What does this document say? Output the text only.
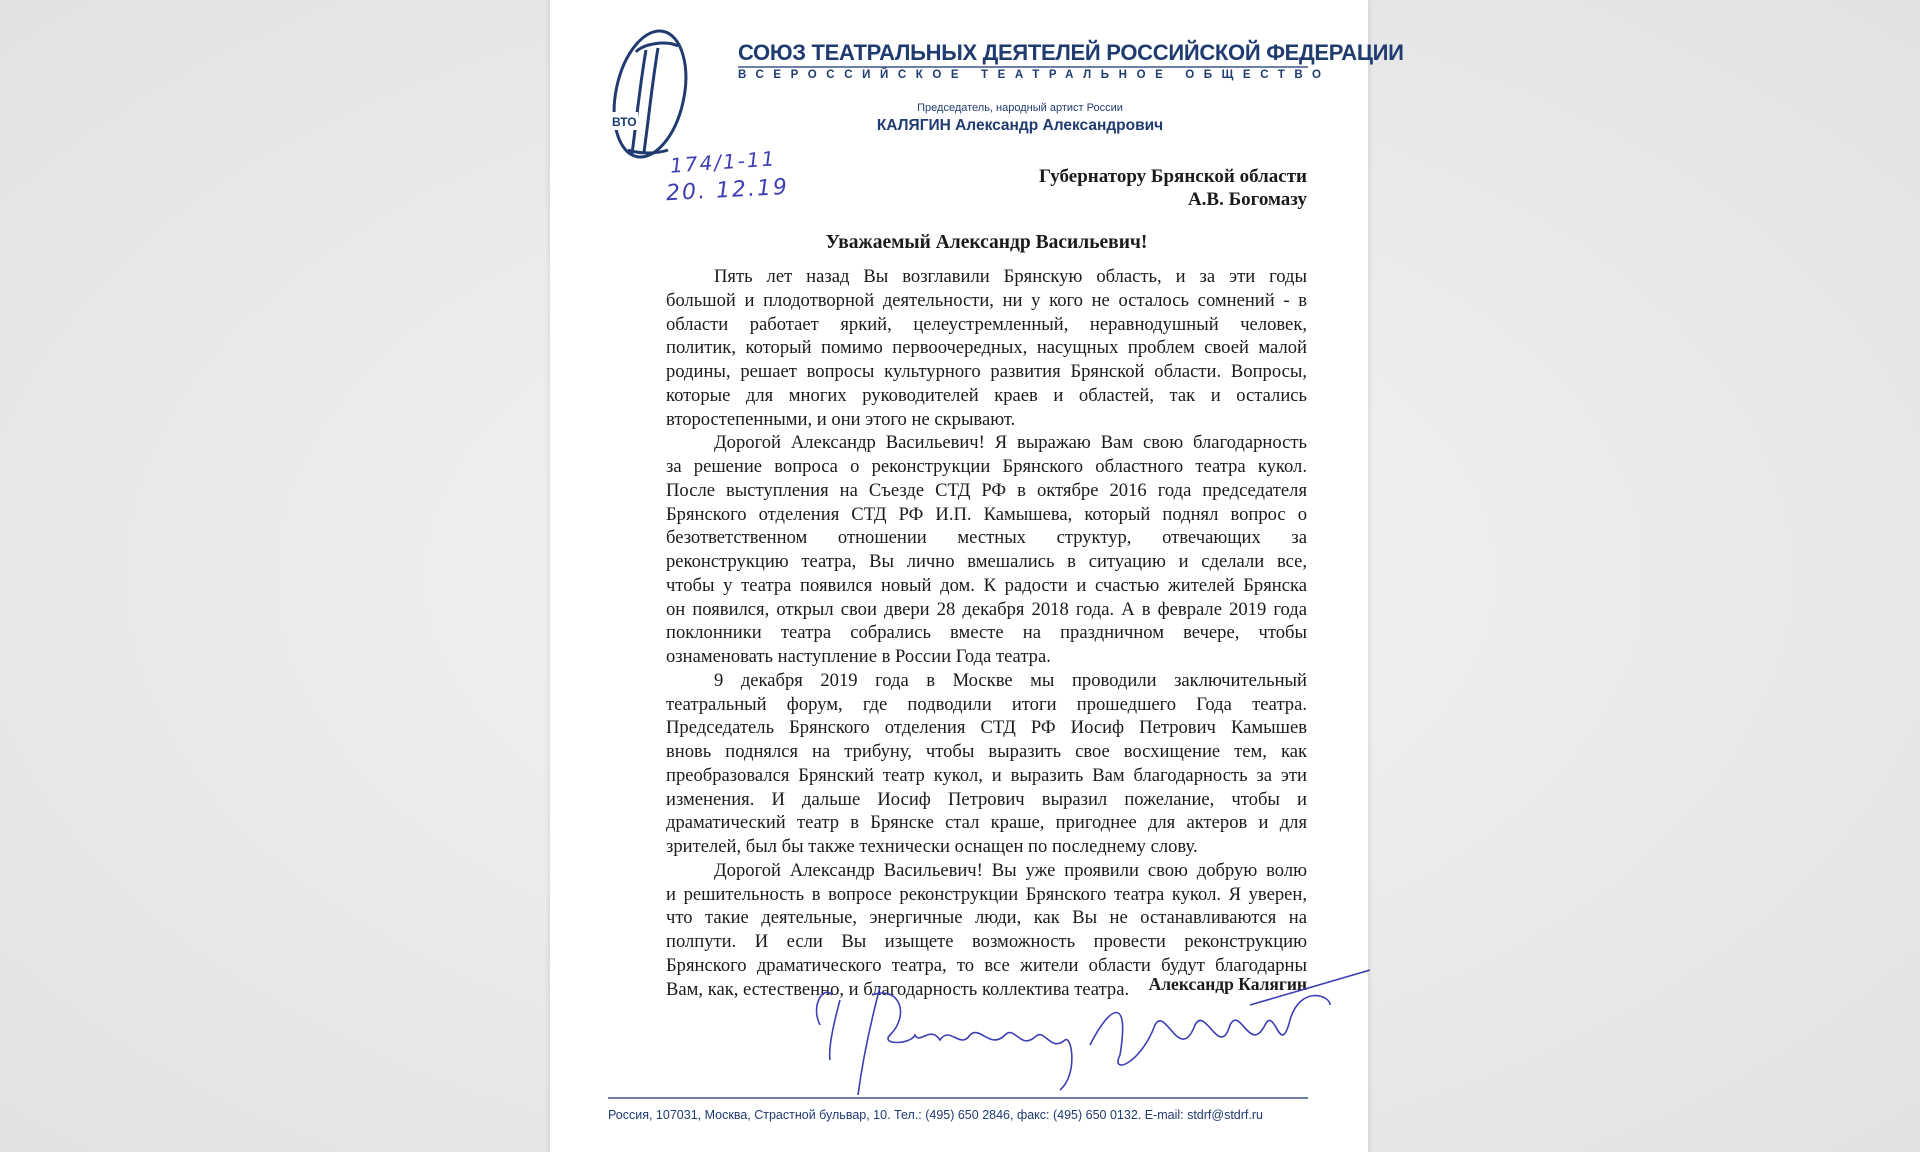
ВТО
СОЮЗ ТЕАТРАЛЬНЫХ ДЕЯТЕЛЕЙ РОССИЙСКОЙ ФЕДЕРАЦИИ
ВСЕРОССИЙСКОЕ ТЕАТРАЛЬНОЕ ОБЩЕСТВО
Председатель, народный артист России
КАЛЯГИН Александр Александрович
174/1-11
20. 12.19	Губернатору Брянской области
А.В. Богомазу
Уважаемый Александр Васильевич!
Пять лет назад Вы возглавили Брянскую область, и за эти годы
большой и плодотворной деятельности, ни у кого не осталось сомнений - в
области работает яркий, целеустремленный, неравнодушный человек,
политик, который помимо первоочередных, насущных проблем своей малой
родины, решает вопросы культурного развития Брянской области. Вопросы,
которые для многих руководителей краев и областей, так и остались
второстепенными, и они этого не скрывают.
Дорогой Александр Васильевич! Я выражаю Вам свою благодарность
за решение вопроса о реконструкции Брянского областного театра кукол.
После выступления на Съезде СТД РФ в октябре 2016 года председателя
Брянского отделения СТД РФ И.П. Камышева, который поднял вопрос о
безответственном отношении местных структур, отвечающих за
реконструкцию театра, Вы лично вмешались в ситуацию и сделали все,
чтобы у театра появился новый дом. К радости и счастью жителей Брянска
он появился, открыл свои двери 28 декабря 2018 года. А в феврале 2019 года
поклонники театра собрались вместе на праздничном вечере, чтобы
ознаменовать наступление в России Года театра.
9 декабря 2019 года в Москве мы проводили заключительный
театральный форум, где подводили итоги прошедшего Года театра.
Председатель Брянского отделения СТД РФ Иосиф Петрович Камышев
вновь поднялся на трибуну, чтобы выразить свое восхищение тем, как
преобразовался Брянский театр кукол, и выразить Вам благодарность за эти
изменения. И дальше Иосиф Петрович выразил пожелание, чтобы и
драматический театр в Брянске стал краше, пригоднее для актеров и для
зрителей, был бы также технически оснащен по последнему слову.
Дорогой Александр Васильевич! Вы уже проявили свою добрую волю
и решительность в вопросе реконструкции Брянского театра кукол. Я уверен,
что такие деятельные, энергичные люди, как Вы не останавливаются на
полпути. И если Вы изыщете возможность провести реконструкцию
Брянского драматического театра, то все жители области будут благодарны
Вам, как, естественно, и благодарность коллектива театра.	Александр Калягин
Россия, 107031, Москва, Страстной бульвар, 10. Тел.: (495) 650 2846, факс: (495) 650 0132. E-mail: stdrf@stdrf.ru
